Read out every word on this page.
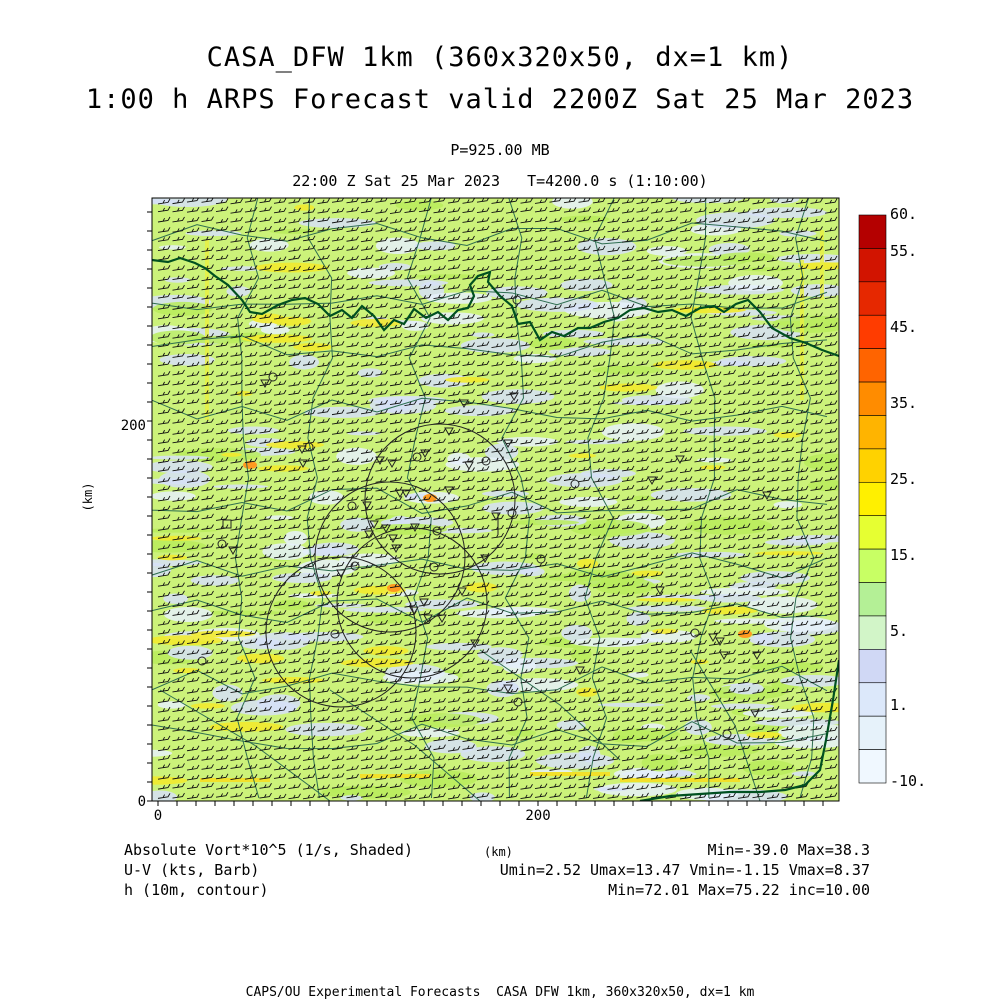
CASA_DFW 1km (360x320x50, dx=1 km)
1:00 h ARPS Forecast valid 2200Z Sat 25 Mar 2023
P=925.00 MB
22:00 Z Sat 25 Mar 2023   T=4200.0 s (1:10:00)
0	200
0
200
(km)
60.
55.
45.
35.
25.
15.
5.
1.
-10.
Absolute Vort*10^5 (1/s, Shaded)	(km)	Min=-39.0 Max=38.3
U-V (kts, Barb)	Umin=2.52 Umax=13.47 Vmin=-1.15 Vmax=8.37
h (10m, contour)	Min=72.01 Max=75.22 inc=10.00
CAPS/OU Experimental Forecasts  CASA DFW 1km, 360x320x50, dx=1 km
